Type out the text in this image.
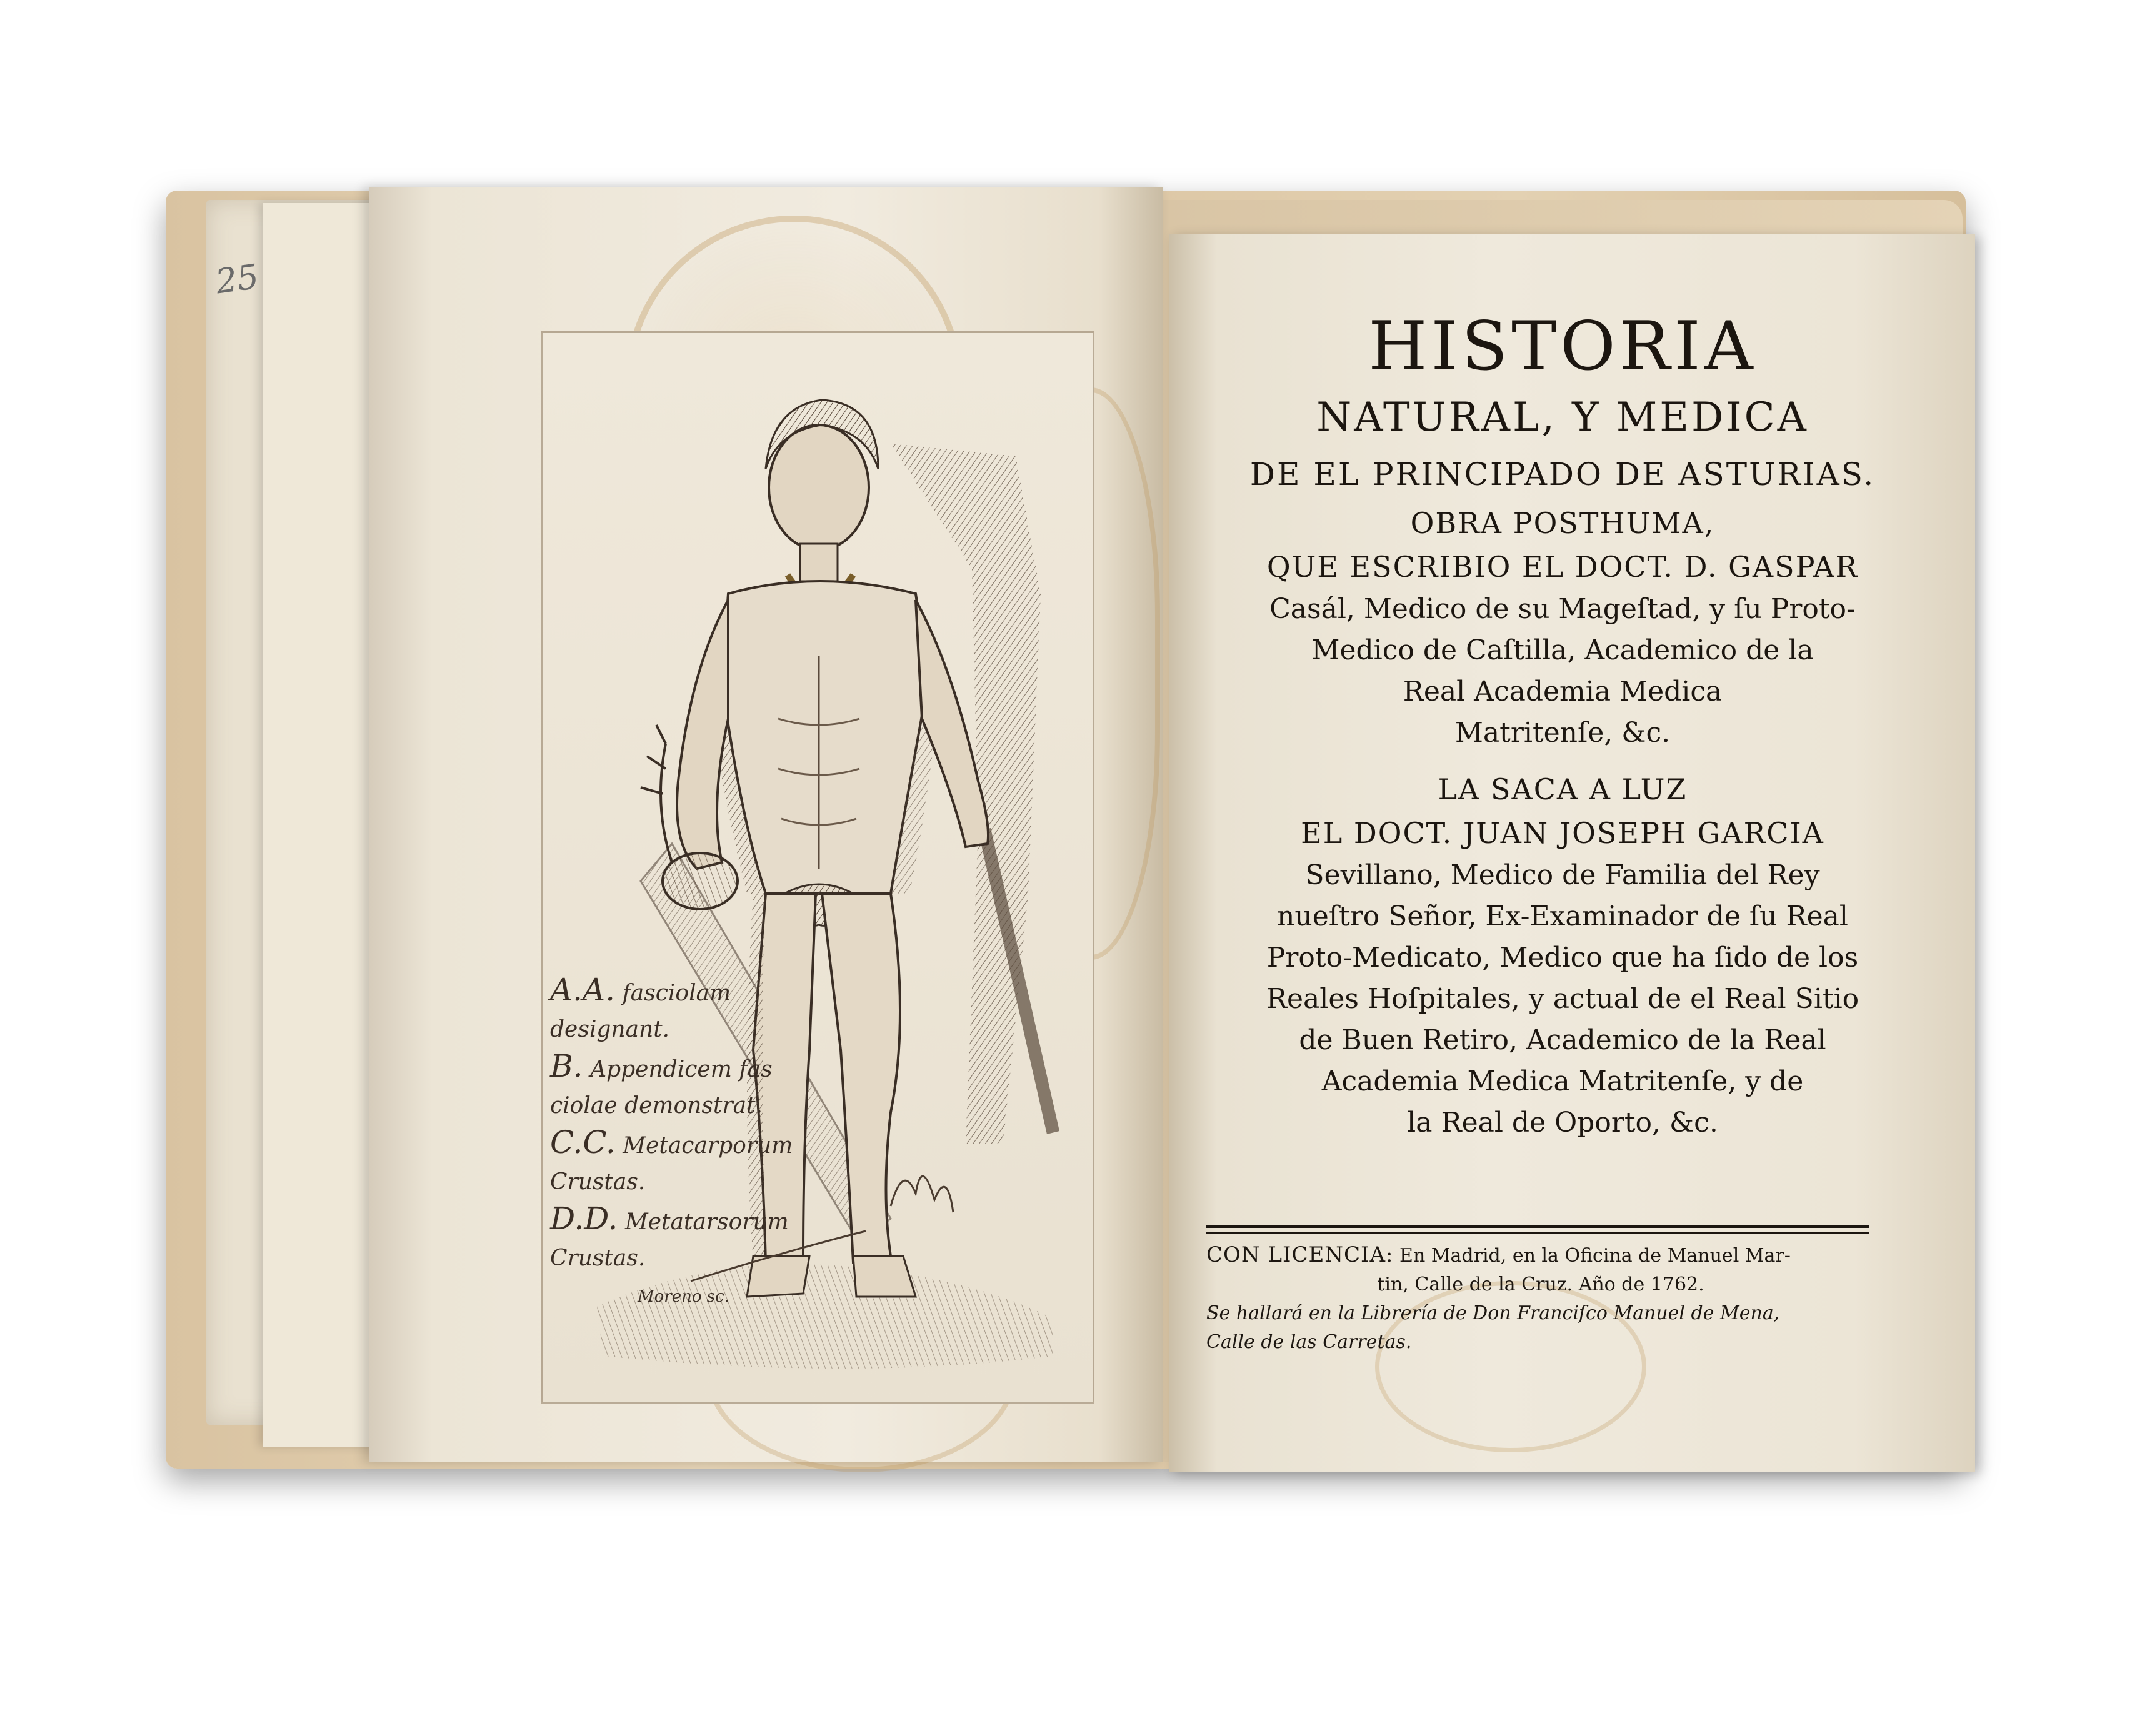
25
A.A. fasciolam
designant.
B. Appendicem fas
ciolae demonstrat.
C.C. Metacarporum
Crustas.
D.D. Metatarsorum
Crustas.
Moreno sc.
HISTORIA
NATURAL, Y MEDICA
DE EL PRINCIPADO DE ASTURIAS.
OBRA POSTHUMA,
QUE ESCRIBIO EL DOCT. D. GASPAR
Casál, Medico de su Mageſtad, y ſu Proto-
Medico de Caſtilla, Academico de la
Real Academia Medica
Matritenſe, &c.
LA SACA A LUZ
EL DOCT. JUAN JOSEPH GARCIA
Sevillano, Medico de Familia del Rey
nueſtro Señor, Ex-Examinador de ſu Real
Proto-Medicato, Medico que ha ſido de los
Reales Hoſpitales, y actual de el Real Sitio
de Buen Retiro, Academico de la Real
Academia Medica Matritenſe, y de
la Real de Oporto, &c.
CON LICENCIA: En Madrid, en la Oficina de Manuel Mar-
tin, Calle de la Cruz. Año de 1762.
Se hallará en la Librería de Don Franciſco Manuel de Mena,
Calle de las Carretas.
